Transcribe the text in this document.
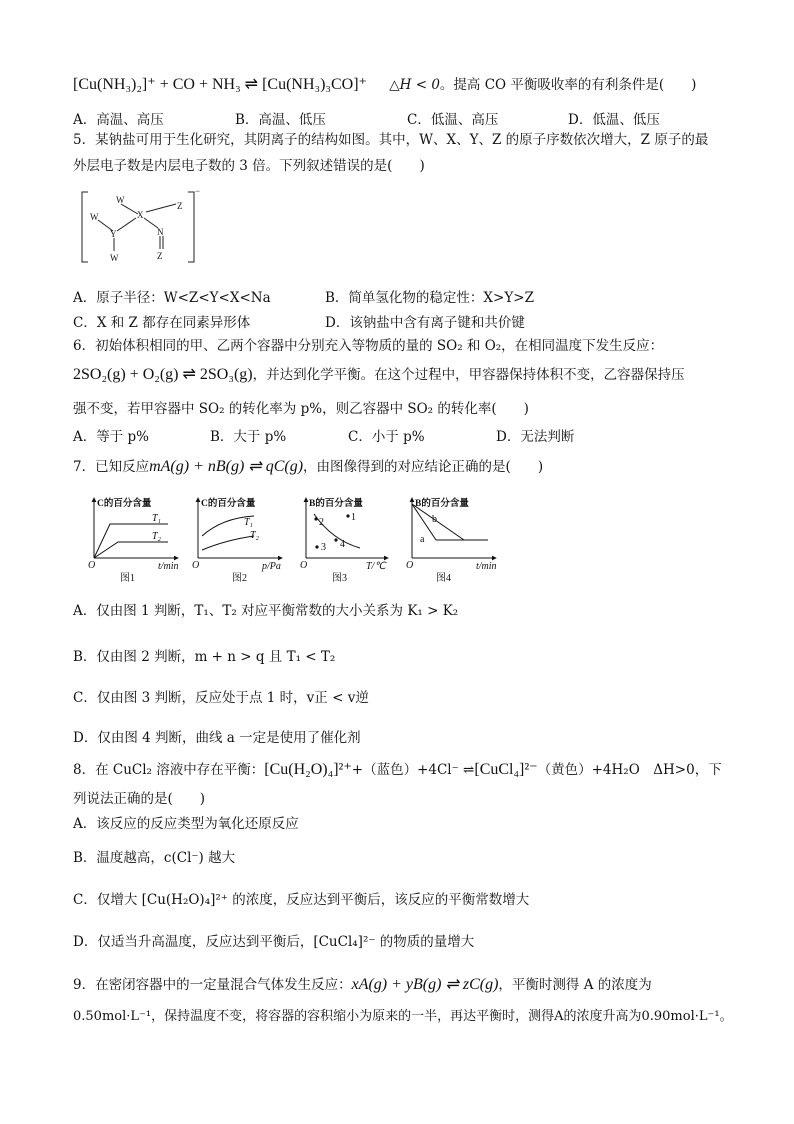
[Cu(NH₃)₂]⁺ + CO + NH₃ ⇌ [Cu(NH₃)₃CO]⁺ △H < 0。提高 CO 平衡吸收率的有利条件是(　　)
A．高温、高压	B．高温、低压	C．低温、高压	D．低温、低压
5．某钠盐可用于生化研究，其阴离子的结构如图。其中，W、X、Y、Z 的原子序数依次增大，Z 原子的最
外层电子数是内层电子数的 3 倍。下列叙述错误的是(　　)
W
W	X
Z
Y	N
W	Z
−
A．原子半径：W<Z<Y<X<Na	B．简单氢化物的稳定性：X>Y>Z
C．X 和 Z 都存在同素异形体	D．该钠盐中含有离子键和共价键
6．初始体积相同的甲、乙两个容器中分别充入等物质的量的 SO₂ 和 O₂，在相同温度下发生反应：
2SO₂(g) + O₂(g) ⇌ 2SO₃(g)，并达到化学平衡。在这个过程中，甲容器保持体积不变，乙容器保持压
强不变，若甲容器中 SO₂ 的转化率为 p%，则乙容器中 SO₂ 的转化率(　　)
A．等于 p%	B．大于 p%	C．小于 p%	D．无法判断
7．已知反应mA(g) + nB(g) ⇌ qC(g)，由图像得到的对应结论正确的是(　　)
C的百分含量
T₁
T₂
O	t/min
图1
C的百分含量
T₁
T₂
O	p/Pa
图2
B的百分含量
1
2
3 4
O	T/℃
图3
B的百分含量
b
a
O	t/min
图4
A．仅由图 1 判断，T₁、T₂ 对应平衡常数的大小关系为 K₁ > K₂
B．仅由图 2 判断，m + n > q 且 T₁ < T₂
C．仅由图 3 判断，反应处于点 1 时，v正 < v逆
D．仅由图 4 判断，曲线 a 一定是使用了催化剂
8．在 CuCl₂ 溶液中存在平衡：[Cu(H₂O)₄]²⁺+（蓝色）+4Cl⁻ ⇌[CuCl₄]²⁻（黄色）+4H₂O　ΔH>0，下
列说法正确的是(　　)
A．该反应的反应类型为氧化还原反应
B．温度越高，c(Cl⁻) 越大
C．仅增大 [Cu(H₂O)₄]²⁺ 的浓度，反应达到平衡后，该反应的平衡常数增大
D．仅适当升高温度，反应达到平衡后，[CuCl₄]²⁻ 的物质的量增大
9．在密闭容器中的一定量混合气体发生反应：xA(g) + yB(g) ⇌ zC(g)，平衡时测得 A 的浓度为
0.50mol·L⁻¹，保持温度不变，将容器的容积缩小为原来的一半，再达平衡时，测得A的浓度升高为0.90mol·L⁻¹。
